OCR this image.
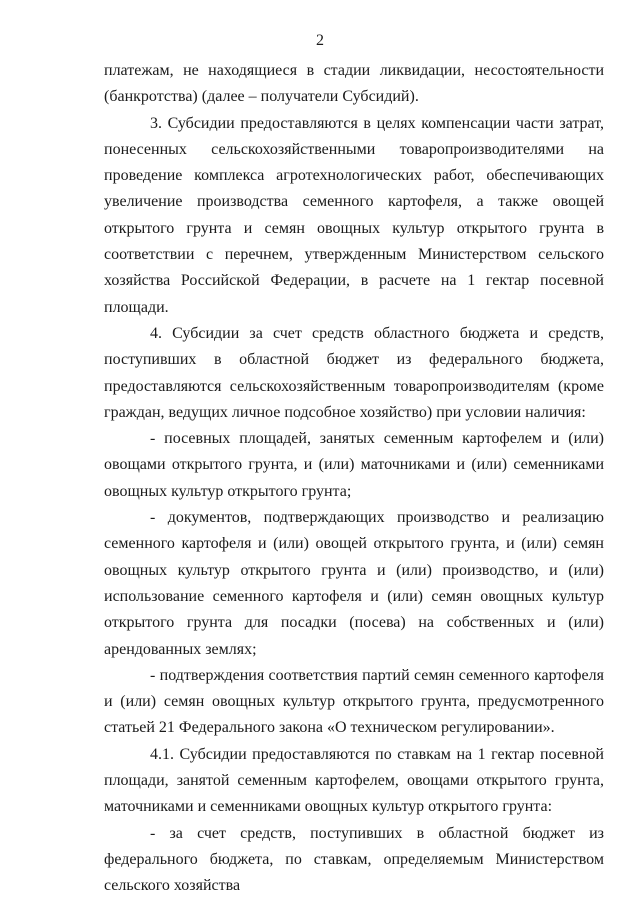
2

платежам, не находящиеся в стадии ликвидации, несостоятельности (банкротства) (далее – получатели Субсидий).

3. Субсидии предоставляются в целях компенсации части затрат, понесенных сельскохозяйственными товаропроизводителями на проведение комплекса агротехнологических работ, обеспечивающих увеличение производства семенного картофеля, а также овощей открытого грунта и семян овощных культур открытого грунта в соответствии с перечнем, утвержденным Министерством сельского хозяйства Российской Федерации, в расчете на 1 гектар посевной площади.

4. Субсидии за счет средств областного бюджета и средств, поступивших в областной бюджет из федерального бюджета, предоставляются сельскохозяйственным товаропроизводителям (кроме граждан, ведущих личное подсобное хозяйство) при условии наличия:

- посевных площадей, занятых семенным картофелем и (или) овощами открытого грунта, и (или) маточниками и (или) семенниками овощных культур открытого грунта;

- документов, подтверждающих производство и реализацию семенного картофеля и (или) овощей открытого грунта, и (или) семян овощных культур открытого грунта и (или) производство, и (или) использование семенного картофеля и (или) семян овощных культур открытого грунта для посадки (посева) на собственных и (или) арендованных землях;

- подтверждения соответствия партий семян семенного картофеля и (или) семян овощных культур открытого грунта, предусмотренного статьей 21 Федерального закона «О техническом регулировании».

4.1. Субсидии предоставляются по ставкам на 1 гектар посевной площади, занятой семенным картофелем, овощами открытого грунта, маточниками и семенниками овощных культур открытого грунта:

- за счет средств, поступивших в областной бюджет из федерального бюджета, по ставкам, определяемым Министерством сельского хозяйства
